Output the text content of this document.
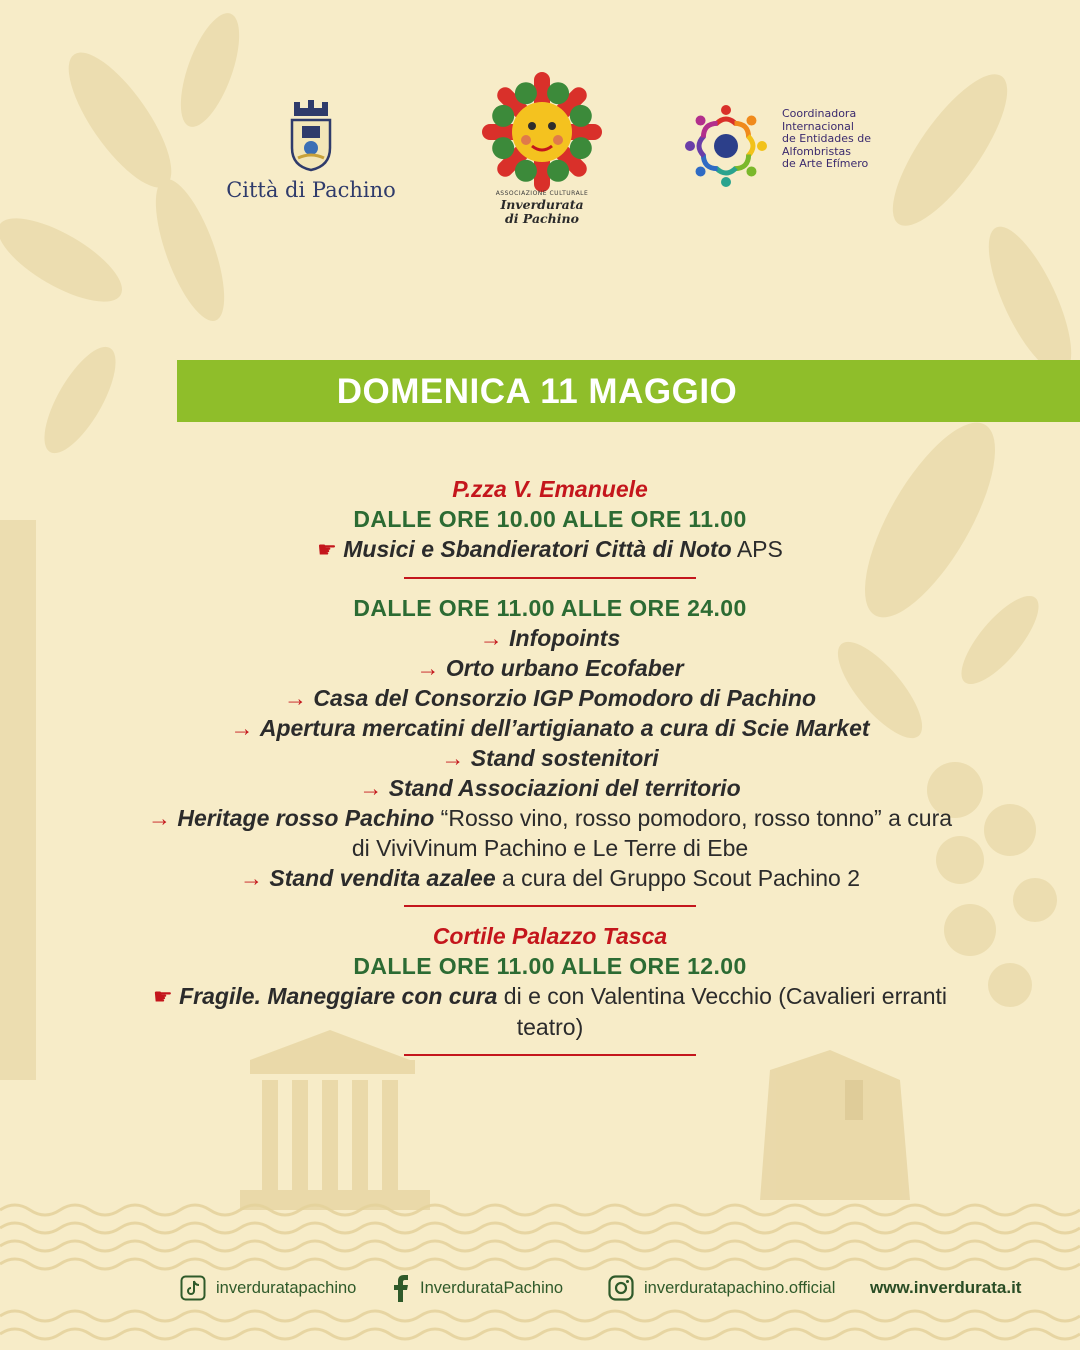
Città di Pachino	ASSOCIAZIONE CULTURALE
Inverdurata
di Pachino
Coordinadora
Internacional
de Entidades de
Alfombristas
de Arte Efímero
DOMENICA 11 MAGGIO
P.zza V. Emanuele
DALLE ORE 10.00 ALLE ORE 11.00
☛ Musici e Sbandieratori Città di Noto APS
DALLE ORE 11.00 ALLE ORE 24.00
→ Infopoints
→ Orto urbano Ecofaber
→ Casa del Consorzio IGP Pomodoro di Pachino
→ Apertura mercatini dell’artigianato a cura di Scie Market
→ Stand sostenitori
→ Stand Associazioni del territorio
→ Heritage rosso Pachino “Rosso vino, rosso pomodoro, rosso tonno” a cura di ViviVinum Pachino e Le Terre di Ebe
→ Stand vendita azalee a cura del Gruppo Scout Pachino 2
Cortile Palazzo Tasca
DALLE ORE 11.00 ALLE ORE 12.00
☛ Fragile. Maneggiare con cura di e con Valentina Vecchio (Cavalieri erranti teatro)
inverduratapachino	InverdurataPachino	inverduratapachino.official www.inverdurata.it
